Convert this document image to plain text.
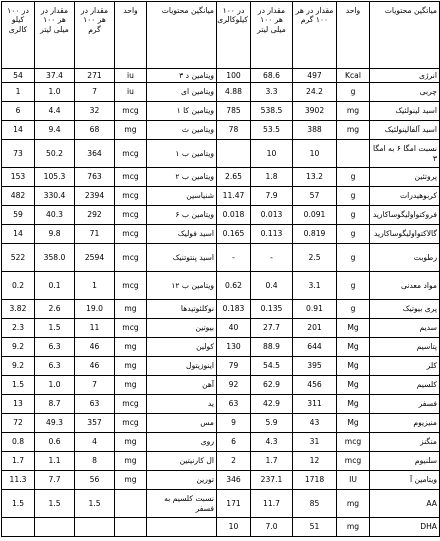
میاتگین محتویات	واحد	مقدار در هر ۱۰۰ گرم	مقدار در هر ۱۰۰ میلی لیتر	در ۱۰۰ کیلوکالری	میانگین محتویات	واحد	مقدار در هر ۱۰۰ گرم	مقدار در هر ۱۰۰ میلی لیتر	در ۱۰۰ کیلو کالری
انرژی	Kcal	497	68.6	100	ویتامین د ۳	iu	271	37.4	54
چربی	g	24.2	3.3	4.88	ویتامین ای	iu	7	1.0	1
اسید لینولئیک	mg	3902	538.5	785	ویتامین کا ۱	mcg	32	4.4	6
اسید آلفالینولئیک	mg	388	53.5	78	ویتامین ث	mg	68	9.4	14
نسبت امگا ۶ به امگا ۳		10	10		ویتامین ب ۱	mcg	364	50.2	73
پروتئین	g	13.2	1.8	2.65	ویتامین ب ۲	mcg	763	105.3	153
کربوهیدرات	g	57	7.9	11.47	شنیاسین	mcg	2394	330.4	482
فروکتواولیگوساکارید	g	0.091	0.013	0.018	ویتامین ب ۶	mcg	292	40.3	59
گالاکتواولیگوساکارید	g	0.819	0.113	0.165	اسید فولیک	mcg	71	9.8	14
رطوبت	g	2.5	-	-	اسید پنتوتنیک	mcg	2594	358.0	522
مواد معدنی	g	3.1	0.4	0.62	ویتامین ب ۱۲	mcg	1	0.1	0.2
پری بیوتیک	g	0.91	0.135	0.183	نوکلئوتیدها	mg	19.0	2.6	3.82
سدیم	Mg	201	27.7	40	بیوتین	mcg	11	1.5	2.3
پتاسیم	Mg	644	88.9	130	کولین	mg	46	6.3	9.2
کلر	Mg	395	54.5	79	اینوزیتول	mg	46	6.3	9.2
کلسیم	Mg	456	62.9	92	آهن	mg	7	1.0	1.5
فسفر	Mg	311	42.9	63	ید	mcg	63	8.7	13
منیزیوم	Mg	43	5.9	9	مس	mcg	357	49.3	72
منگنز	mcg	31	4.3	6	روی	mg	4	0.6	0.8
سلنیوم	mcg	12	1.7	2	ال کارنیتین	mg	8	1.1	1.7
ویتامین آ	IU	1718	237.1	346	تورین	mg	56	7.7	11.3
AA	mg	85	11.7	171	نسبت کلسیم به فسفر		1.5	1.5	1.5
DHA	mg	51	7.0	10					
